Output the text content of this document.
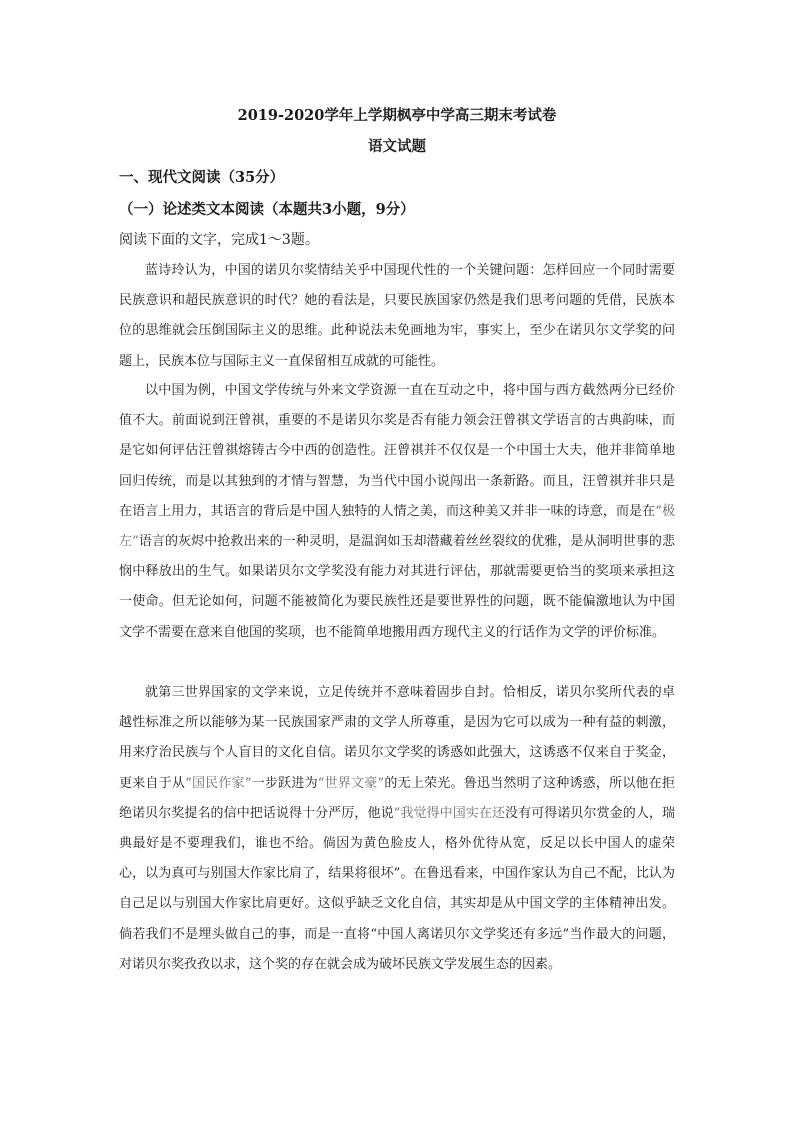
2019-2020学年上学期枫亭中学高三期末考试卷
语文试题
一、现代文阅读（35分）
（一）论述类文本阅读（本题共3小题，9分）
阅读下面的文字，完成1～3题。

蓝诗玲认为，中国的诺贝尔奖情结关乎中国现代性的一个关键问题：怎样回应一个同时需要民族意识和超民族意识的时代？她的看法是，只要民族国家仍然是我们思考问题的凭借，民族本位的思维就会压倒国际主义的思维。此种说法未免画地为牢，事实上，至少在诺贝尔文学奖的问题上，民族本位与国际主义一直保留相互成就的可能性。

以中国为例，中国文学传统与外来文学资源一直在互动之中，将中国与西方截然两分已经价值不大。前面说到汪曾祺，重要的不是诺贝尔奖是否有能力领会汪曾祺文学语言的古典韵味，而是它如何评估汪曾祺熔铸古今中西的创造性。汪曾祺并不仅仅是一个中国士大夫，他并非简单地回归传统，而是以其独到的才情与智慧，为当代中国小说闯出一条新路。而且，汪曾祺并非只是在语言上用力，其语言的背后是中国人独特的人情之美，而这种美又并非一味的诗意，而是在“极左”语言的灰烬中抢救出来的一种灵明，是温润如玉却潜藏着丝丝裂纹的优雅，是从洞明世事的悲悯中释放出的生气。如果诺贝尔文学奖没有能力对其进行评估，那就需要更恰当的奖项来承担这一使命。但无论如何，问题不能被简化为要民族性还是要世界性的问题，既不能偏激地认为中国文学不需要在意来自他国的奖项，也不能简单地搬用西方现代主义的行话作为文学的评价标准。

就第三世界国家的文学来说，立足传统并不意味着固步自封。恰相反，诺贝尔奖所代表的卓越性标准之所以能够为某一民族国家严肃的文学人所尊重，是因为它可以成为一种有益的刺激，用来疗治民族与个人盲目的文化自信。诺贝尔文学奖的诱惑如此强大，这诱惑不仅来自于奖金，更来自于从“国民作家”一步跃进为“世界文豪”的无上荣光。鲁迅当然明了这种诱惑，所以他在拒绝诺贝尔奖提名的信中把话说得十分严厉，他说“我觉得中国实在还没有可得诺贝尔赏金的人，瑞典最好是不要理我们，谁也不给。倘因为黄色脸皮人，格外优待从宽，反足以长中国人的虚荣心，以为真可与别国大作家比肩了，结果将很坏”。在鲁迅看来，中国作家认为自己不配，比认为自己足以与别国大作家比肩更好。这似乎缺乏文化自信，其实却是从中国文学的主体精神出发。倘若我们不是埋头做自己的事，而是一直将“中国人离诺贝尔文学奖还有多远”当作最大的问题，对诺贝尔奖孜孜以求，这个奖的存在就会成为破坏民族文学发展生态的因素。
